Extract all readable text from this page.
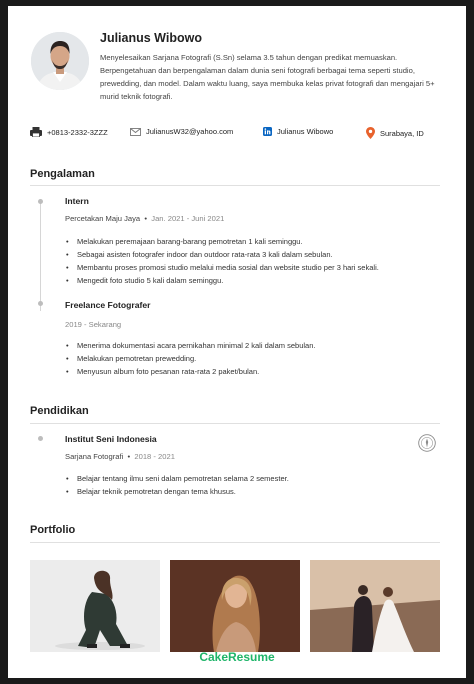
Julianus Wibowo
Menyelesaikan Sarjana Fotografi (S.Sn) selama 3.5 tahun dengan predikat memuaskan. Berpengetahuan dan berpengalaman dalam dunia seni fotografi berbagai tema seperti studio, prewedding, dan model. Dalam waktu luang, saya membuka kelas privat fotografi dan mengajari 5+ murid teknik fotografi.
+0813-2332-3ZZZ	JulianusW32@yahoo.com	Julianus Wibowo	Surabaya, ID
Pengalaman
Intern
Percetakan Maju Jaya  •  Jan. 2021 - Juni 2021
• Melakukan peremajaan barang-barang pemotretan 1 kali seminggu.
• Sebagai asisten fotografer indoor dan outdoor rata-rata 3 kali dalam sebulan.
• Membantu proses promosi studio melalui media sosial dan website studio per 3 hari sekali.
• Mengedit foto studio 5 kali dalam seminggu.
Freelance Fotografer
2019 - Sekarang
• Menerima dokumentasi acara pernikahan minimal 2 kali dalam sebulan.
• Melakukan pemotretan prewedding.
• Menyusun album foto pesanan rata-rata 2 paket/bulan.
Pendidikan
Institut Seni Indonesia
Sarjana Fotografi  •  2018 - 2021
• Belajar tentang ilmu seni dalam pemotretan selama 2 semester.
• Belajar teknik pemotretan dengan tema khusus.
Portfolio
CakeResume
